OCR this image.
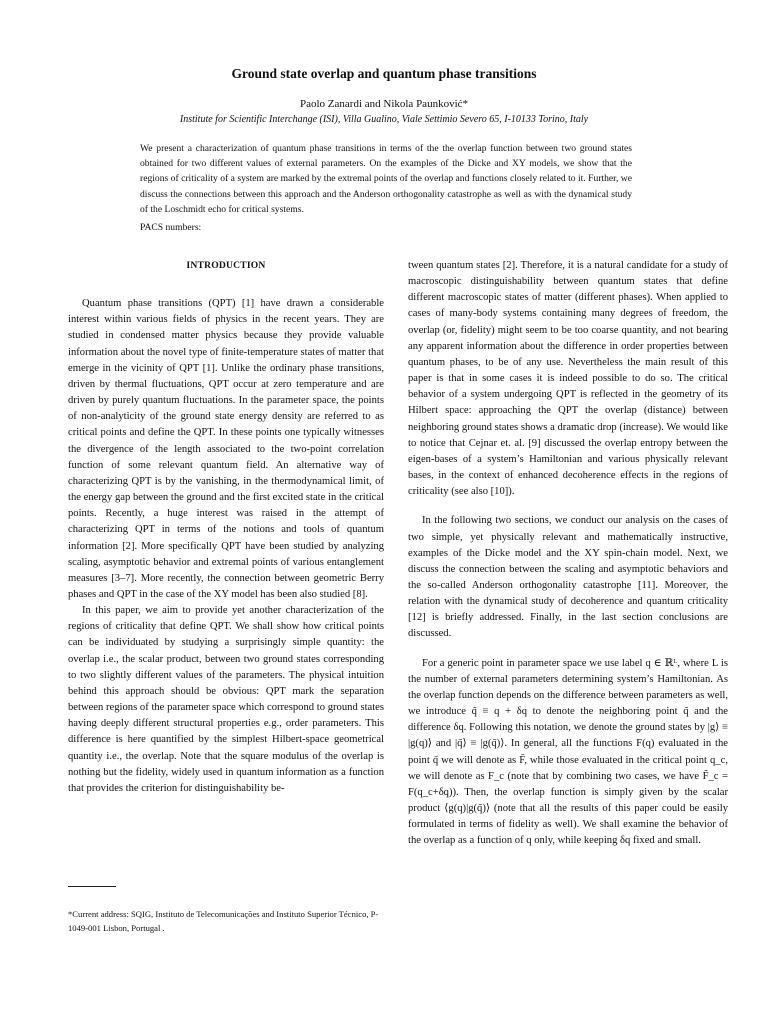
Ground state overlap and quantum phase transitions
Paolo Zanardi and Nikola Paunković*
Institute for Scientific Interchange (ISI), Villa Gualino, Viale Settimio Severo 65, I-10133 Torino, Italy
We present a characterization of quantum phase transitions in terms of the the overlap function between two ground states obtained for two different values of external parameters. On the examples of the Dicke and XY models, we show that the regions of criticality of a system are marked by the extremal points of the overlap and functions closely related to it. Further, we discuss the connections between this approach and the Anderson orthogonality catastrophe as well as with the dynamical study of the Loschmidt echo for critical systems.
PACS numbers:
INTRODUCTION

Quantum phase transitions (QPT) [1] have drawn a considerable interest within various fields of physics in the recent years. They are studied in condensed matter physics because they provide valuable information about the novel type of finite-temperature states of matter that emerge in the vicinity of QPT [1]. Unlike the ordinary phase transitions, driven by thermal fluctuations, QPT occur at zero temperature and are driven by purely quantum fluctuations. In the parameter space, the points of non-analyticity of the ground state energy density are referred to as critical points and define the QPT. In these points one typically witnesses the divergence of the length associated to the two-point correlation function of some relevant quantum field. An alternative way of characterizing QPT is by the vanishing, in the thermodynamical limit, of the energy gap between the ground and the first excited state in the critical points. Recently, a huge interest was raised in the attempt of characterizing QPT in terms of the notions and tools of quantum information [2]. More specifically QPT have been studied by analyzing scaling, asymptotic behavior and extremal points of various entanglement measures [3–7]. More recently, the connection between geometric Berry phases and QPT in the case of the XY model has been also studied [8].

In this paper, we aim to provide yet another characterization of the regions of criticality that define QPT. We shall show how critical points can be individuated by studying a surprisingly simple quantity: the overlap i.e., the scalar product, between two ground states corresponding to two slightly different values of the parameters. The physical intuition behind this approach should be obvious: QPT mark the separation between regions of the parameter space which correspond to ground states having deeply different structural properties e.g., order parameters. This difference is here quantified by the simplest Hilbert-space geometrical quantity i.e., the overlap. Note that the square modulus of the overlap is nothing but the fidelity, widely used in quantum information as a function that provides the criterion for distinguishability be-

tween quantum states [2]. Therefore, it is a natural candidate for a study of macroscopic distinguishability between quantum states that define different macroscopic states of matter (different phases). When applied to cases of many-body systems containing many degrees of freedom, the overlap (or, fidelity) might seem to be too coarse quantity, and not bearing any apparent information about the difference in order properties between quantum phases, to be of any use. Nevertheless the main result of this paper is that in some cases it is indeed possible to do so. The critical behavior of a system undergoing QPT is reflected in the geometry of its Hilbert space: approaching the QPT the overlap (distance) between neighboring ground states shows a dramatic drop (increase). We would like to notice that Cejnar et. al. [9] discussed the overlap entropy between the eigen-bases of a system’s Hamiltonian and various physically relevant bases, in the context of enhanced decoherence effects in the regions of criticality (see also [10]).

In the following two sections, we conduct our analysis on the cases of two simple, yet physically relevant and mathematically instructive, examples of the Dicke model and the XY spin-chain model. Next, we discuss the connection between the scaling and asymptotic behaviors and the so-called Anderson orthogonality catastrophe [11]. Moreover, the relation with the dynamical study of decoherence and quantum criticality [12] is briefly addressed. Finally, in the last section conclusions are discussed.

For a generic point in parameter space we use label q ∈ ℝᴸ, where L is the number of external parameters determining system’s Hamiltonian. As the overlap function depends on the difference between parameters as well, we introduce q̃ ≡ q + δq to denote the neighboring point q̃ and the difference δq. Following this notation, we denote the ground states by |g⟩ ≡ |g(q)⟩ and |q̃⟩ ≡ |g(q̃)⟩. In general, all the functions F(q) evaluated in the point q̃ we will denote as F̃, while those evaluated in the critical point q_c, we will denote as F_c (note that by combining two cases, we have F̃_c = F(q_c+δq)). Then, the overlap function is simply given by the scalar product ⟨g(q)|g(q̃)⟩ (note that all the results of this paper could be easily formulated in terms of fidelity as well). We shall examine the behavior of the overlap as a function of q only, while keeping δq fixed and small.

*Current address: SQIG, Instituto de Telecomunicações and Instituto Superior Técnico, P-1049-001 Lisbon, Portugal .
